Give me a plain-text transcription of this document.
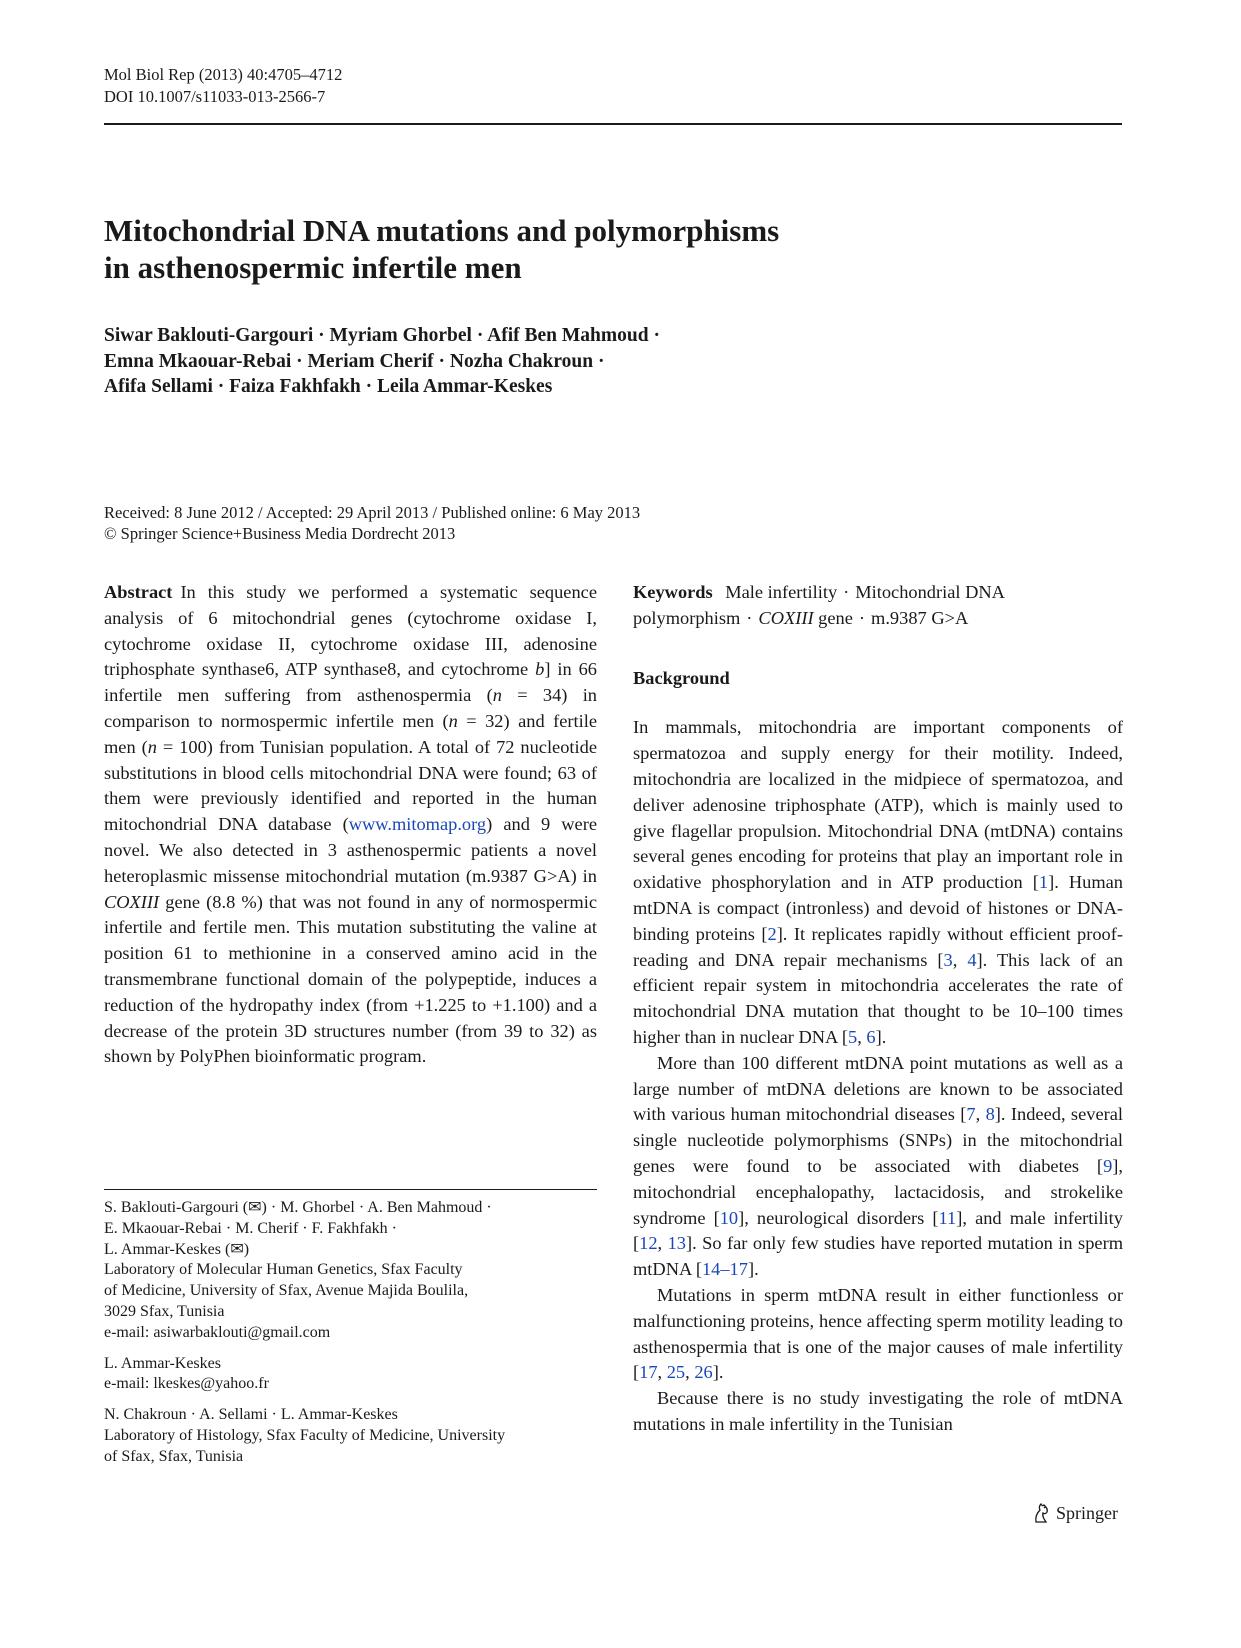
Mol Biol Rep (2013) 40:4705–4712
DOI 10.1007/s11033-013-2566-7
Mitochondrial DNA mutations and polymorphisms
in asthenospermic infertile men
Siwar Baklouti-Gargouri · Myriam Ghorbel · Afif Ben Mahmoud ·
Emna Mkaouar-Rebai · Meriam Cherif · Nozha Chakroun ·
Afifa Sellami · Faiza Fakhfakh · Leila Ammar-Keskes
Received: 8 June 2012 / Accepted: 29 April 2013 / Published online: 6 May 2013
© Springer Science+Business Media Dordrecht 2013

Abstract In this study we performed a systematic sequence analysis of 6 mitochondrial genes (cytochrome oxidase I, cytochrome oxidase II, cytochrome oxidase III, adenosine triphosphate synthase6, ATP synthase8, and cytochrome b] in 66 infertile men suffering from asthenospermia (n = 34) in comparison to normospermic infertile men (n = 32) and fertile men (n = 100) from Tunisian population. A total of 72 nucleotide substitutions in blood cells mitochondrial DNA were found; 63 of them were previously identified and reported in the human mitochondrial DNA database (www.mitomap.org) and 9 were novel. We also detected in 3 asthenospermic patients a novel heteroplasmic missense mitochondrial mutation (m.9387 G>A) in COXIII gene (8.8 %) that was not found in any of normospermic infertile and fertile men. This mutation substituting the valine at position 61 to methionine in a conserved amino acid in the transmembrane functional domain of the polypeptide, induces a reduction of the hydropathy index (from +1.225 to +1.100) and a decrease of the protein 3D structures number (from 39 to 32) as shown by PolyPhen bioinformatic program.

S. Baklouti-Gargouri (✉) · M. Ghorbel · A. Ben Mahmoud ·
E. Mkaouar-Rebai · M. Cherif · F. Fakhfakh ·
L. Ammar-Keskes (✉)
Laboratory of Molecular Human Genetics, Sfax Faculty
of Medicine, University of Sfax, Avenue Majida Boulila,
3029 Sfax, Tunisia
e-mail: asiwarbaklouti@gmail.com
L. Ammar-Keskes
e-mail: lkeskes@yahoo.fr
N. Chakroun · A. Sellami · L. Ammar-Keskes
Laboratory of Histology, Sfax Faculty of Medicine, University
of Sfax, Sfax, Tunisia

Keywords Male infertility · Mitochondrial DNA polymorphism · COXIII gene · m.9387 G>A

Background

In mammals, mitochondria are important components of spermatozoa and supply energy for their motility. Indeed, mitochondria are localized in the midpiece of spermatozoa, and deliver adenosine triphosphate (ATP), which is mainly used to give flagellar propulsion. Mitochondrial DNA (mtDNA) contains several genes encoding for proteins that play an important role in oxidative phosphorylation and in ATP production [1]. Human mtDNA is compact (intronless) and devoid of histones or DNA-binding proteins [2]. It replicates rapidly without efficient proof-reading and DNA repair mechanisms [3, 4]. This lack of an efficient repair system in mitochondria accelerates the rate of mitochondrial DNA mutation that thought to be 10–100 times higher than in nuclear DNA [5, 6].

More than 100 different mtDNA point mutations as well as a large number of mtDNA deletions are known to be associated with various human mitochondrial diseases [7, 8]. Indeed, several single nucleotide polymorphisms (SNPs) in the mitochondrial genes were found to be associated with diabetes [9], mitochondrial encephalopathy, lactacidosis, and strokelike syndrome [10], neurological disorders [11], and male infertility [12, 13]. So far only few studies have reported mutation in sperm mtDNA [14–17].

Mutations in sperm mtDNA result in either functionless or malfunctioning proteins, hence affecting sperm motility leading to asthenospermia that is one of the major causes of male infertility [17, 25, 26].

Because there is no study investigating the role of mtDNA mutations in male infertility in the Tunisian

Springer
